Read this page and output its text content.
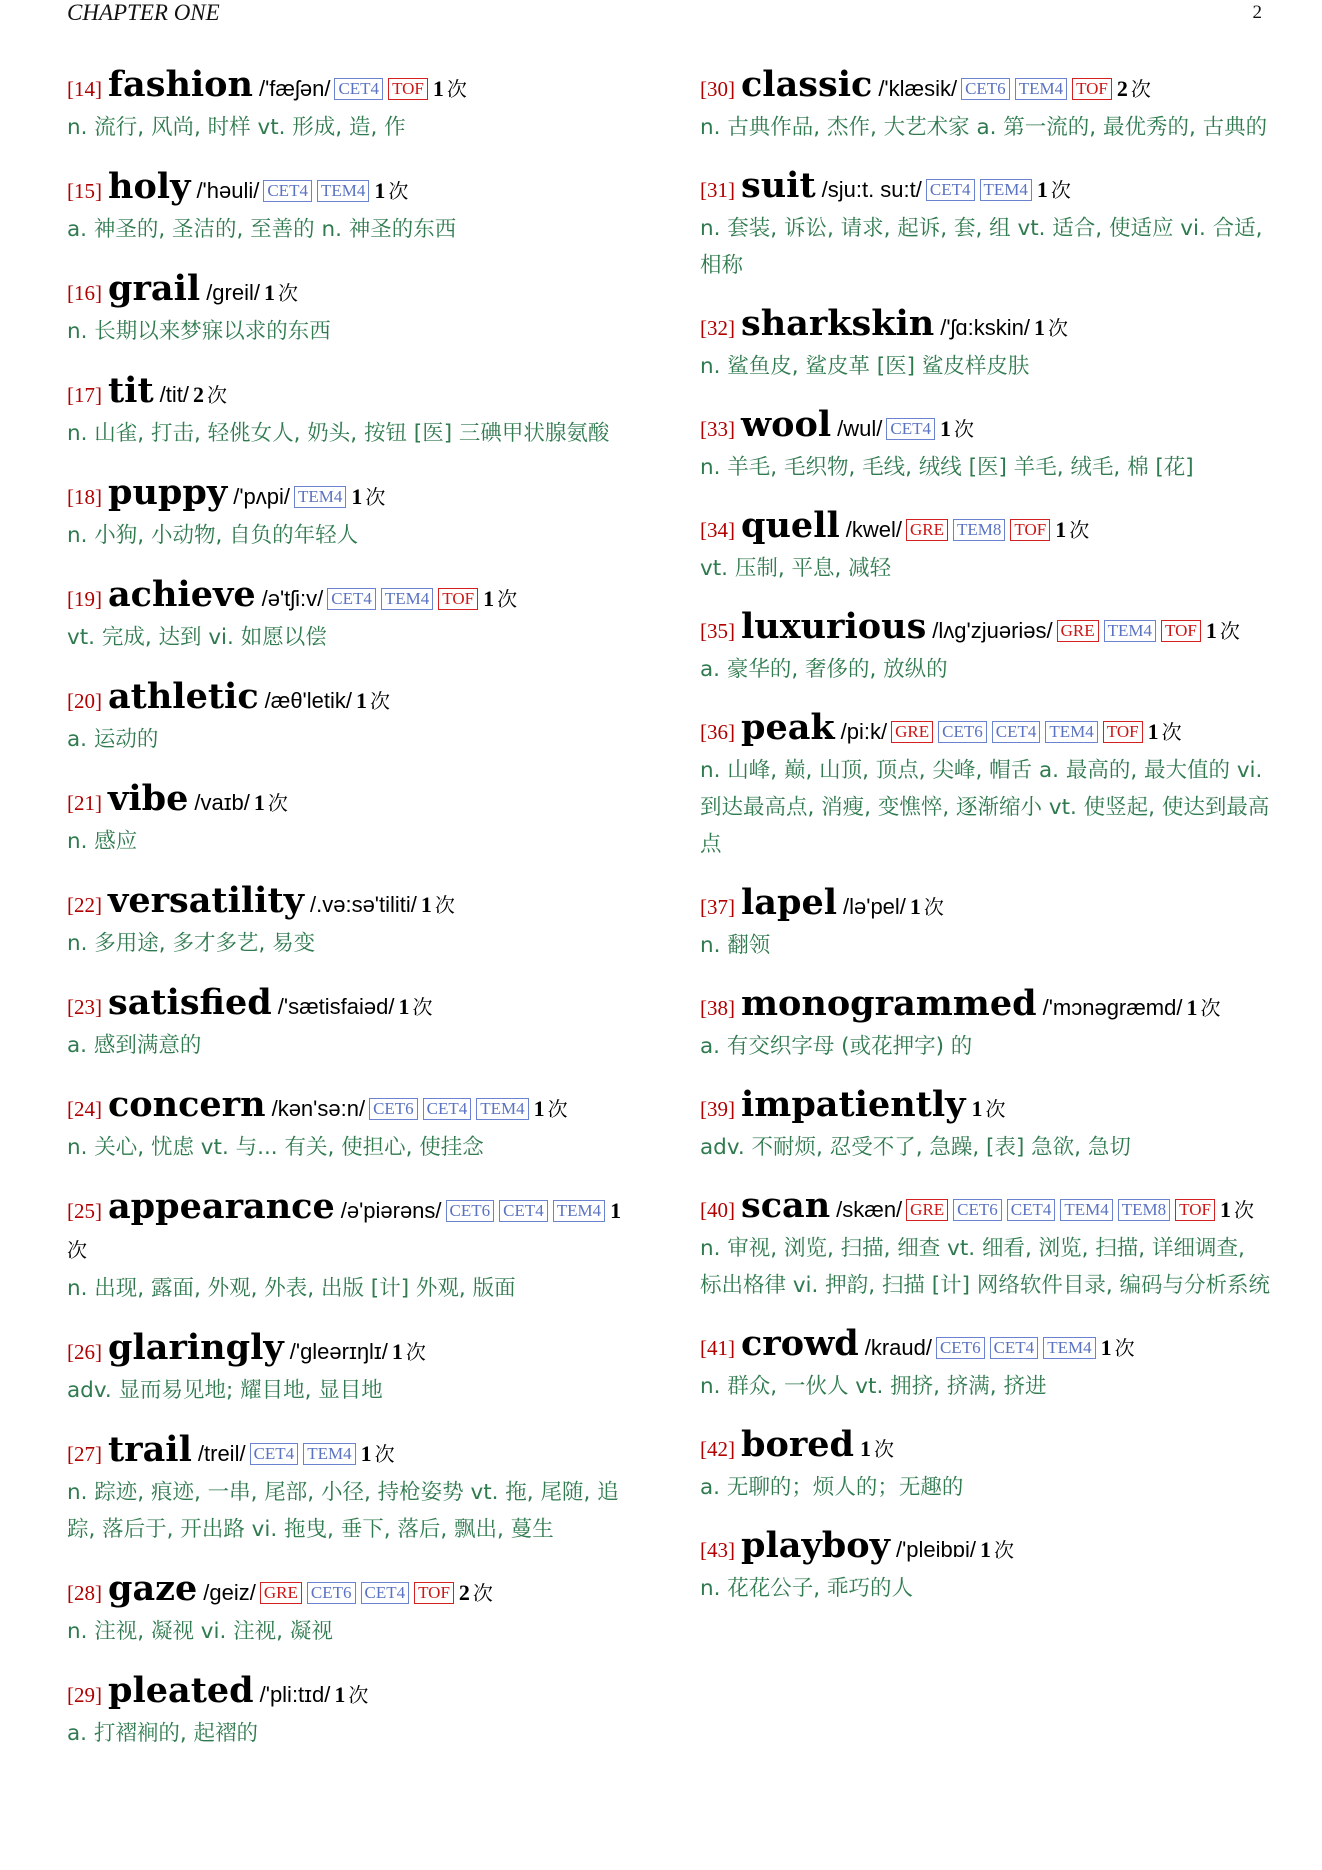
CHAPTER ONE	2
[14] fashion /'fæʃən/ CET4 TOF 1 次
n. 流行, 风尚, 时样 vt. 形成, 造, 作
[15] holy /'həuli/ CET4 TEM4 1 次
a. 神圣的, 圣洁的, 至善的 n. 神圣的东西
[16] grail /greil/ 1 次
n. 长期以来梦寐以求的东西
[17] tit /tit/ 2 次
n. 山雀, 打击, 轻佻女人, 奶头, 按钮 [医] 三碘甲状腺氨酸
[18] puppy /'pʌpi/ TEM4 1 次
n. 小狗, 小动物, 自负的年轻人
[19] achieve /ə'tʃi:v/ CET4 TEM4 TOF 1 次
vt. 完成, 达到 vi. 如愿以偿
[20] athletic /æθ'letik/ 1 次
a. 运动的
[21] vibe /vaɪb/ 1 次
n. 感应
[22] versatility /.və:sə'tiliti/ 1 次
n. 多用途, 多才多艺, 易变
[23] satisfied /'sætisfaiəd/ 1 次
a. 感到满意的
[24] concern /kən'sə:n/ CET6 CET4 TEM4 1 次
n. 关心, 忧虑 vt. 与... 有关, 使担心, 使挂念
[25] appearance /ə'piərəns/ CET6 CET4 TEM4 1次
n. 出现, 露面, 外观, 外表, 出版 [计] 外观, 版面
[26] glaringly /'gleərɪŋlɪ/ 1 次
adv. 显而易见地; 耀目地, 显目地
[27] trail /treil/ CET4 TEM4 1 次
n. 踪迹, 痕迹, 一串, 尾部, 小径, 持枪姿势 vt. 拖, 尾随, 追踪, 落后于, 开出路 vi. 拖曳, 垂下, 落后, 飘出, 蔓生
[28] gaze /geiz/ GRE CET6 CET4 TOF 2 次
n. 注视, 凝视 vi. 注视, 凝视
[29] pleated /'pli:tɪd/ 1 次
a. 打褶裥的, 起褶的
[30] classic /'klæsik/ CET6 TEM4 TOF 2 次
n. 古典作品, 杰作, 大艺术家 a. 第一流的, 最优秀的, 古典的
[31] suit /sju:t. su:t/ CET4 TEM4 1 次
n. 套装, 诉讼, 请求, 起诉, 套, 组 vt. 适合, 使适应 vi. 合适, 相称
[32] sharkskin /'ʃɑ:kskin/ 1 次
n. 鲨鱼皮, 鲨皮革 [医] 鲨皮样皮肤
[33] wool /wul/ CET4 1 次
n. 羊毛, 毛织物, 毛线, 绒线 [医] 羊毛, 绒毛, 棉 [花]
[34] quell /kwel/ GRE TEM8 TOF 1 次
vt. 压制, 平息, 减轻
[35] luxurious /lʌg'zjuəriəs/ GRE TEM4 TOF 1 次
a. 豪华的, 奢侈的, 放纵的
[36] peak /pi:k/ GRE CET6 CET4 TEM4 TOF 1 次
n. 山峰, 巅, 山顶, 顶点, 尖峰, 帽舌 a. 最高的, 最大值的 vi. 到达最高点, 消瘦, 变憔悴, 逐渐缩小 vt. 使竖起, 使达到最高点
[37] lapel /lə'pel/ 1 次
n. 翻领
[38] monogrammed /'mɔnəgræmd/ 1 次
a. 有交织字母 (或花押字) 的
[39] impatiently 1 次
adv. 不耐烦, 忍受不了, 急躁, [表] 急欲, 急切
[40] scan /skæn/ GRE CET6 CET4 TEM4 TEM8 TOF 1 次
n. 审视, 浏览, 扫描, 细查 vt. 细看, 浏览, 扫描, 详细调查, 标出格律 vi. 押韵, 扫描 [计] 网络软件目录, 编码与分析系统
[41] crowd /kraud/ CET6 CET4 TEM4 1 次
n. 群众, 一伙人 vt. 拥挤, 挤满, 挤进
[42] bored 1 次
a. 无聊的；烦人的；无趣的
[43] playboy /'pleibɒi/ 1 次
n. 花花公子, 乖巧的人
